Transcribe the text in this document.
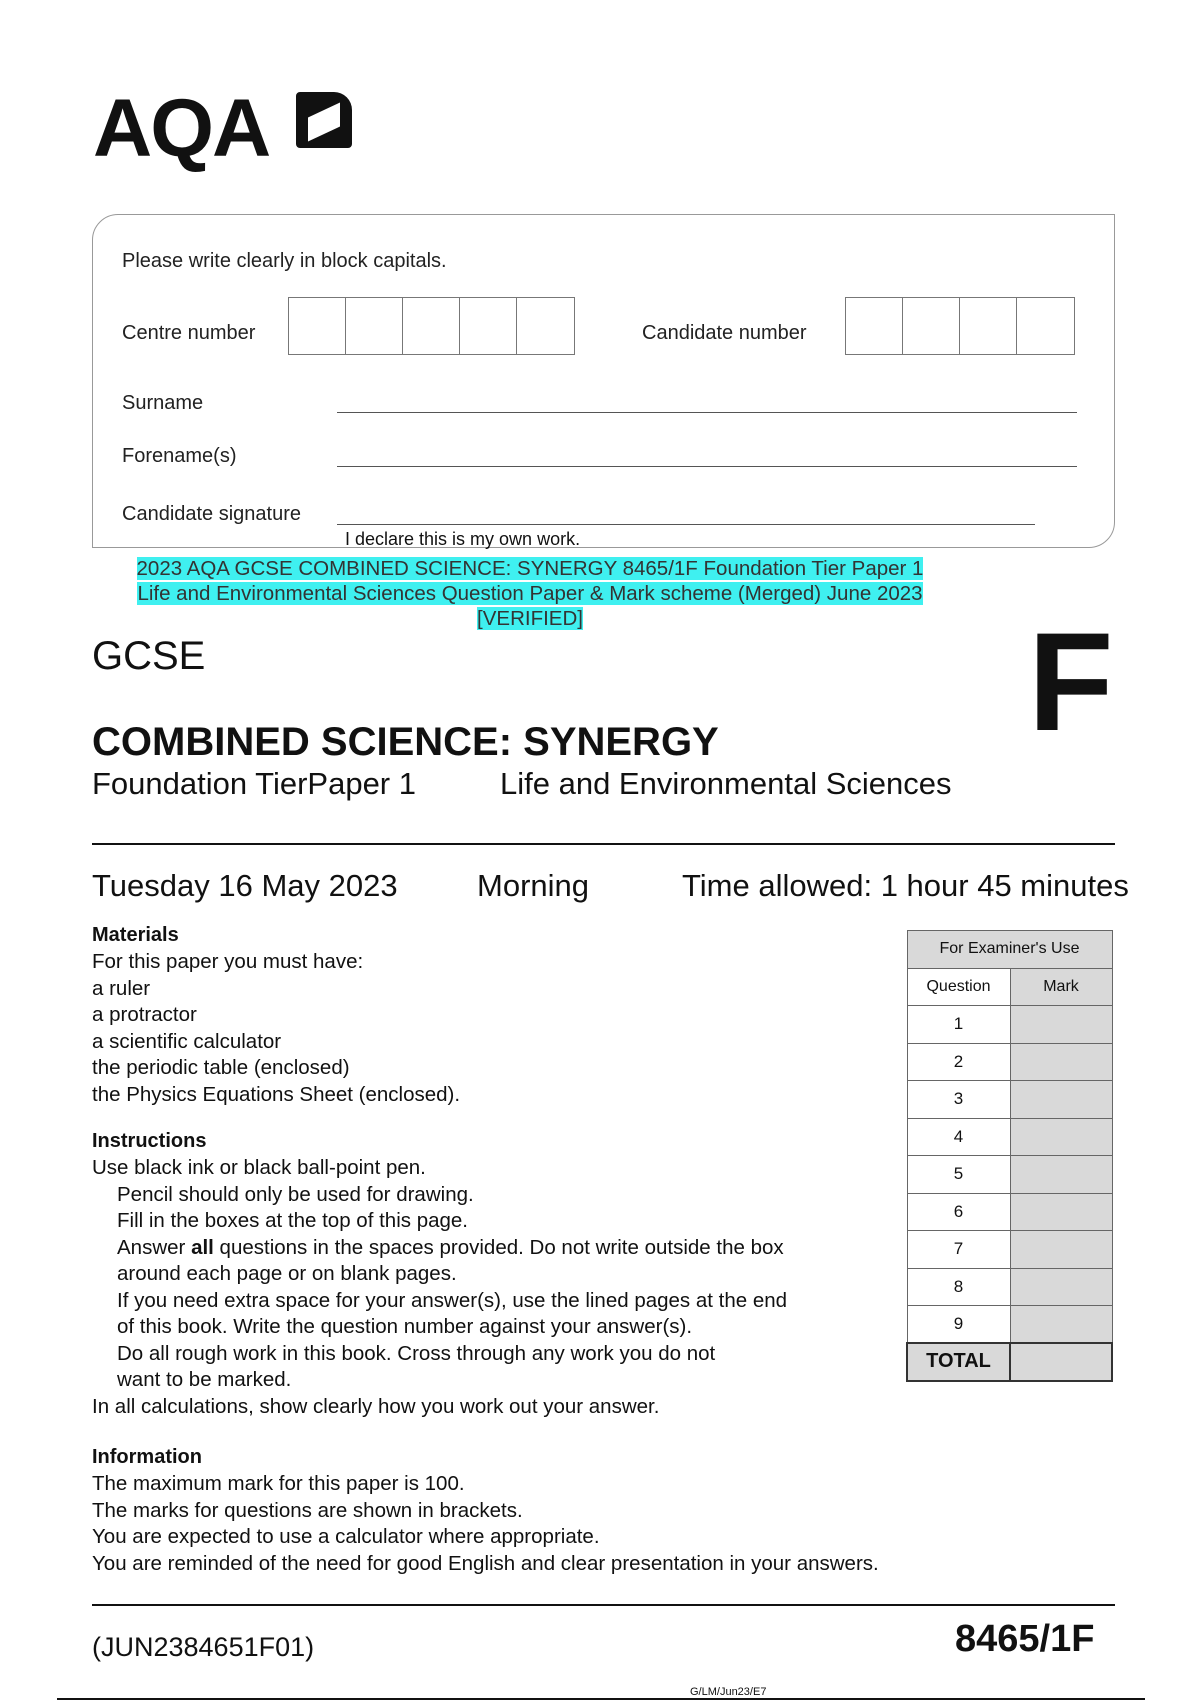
AQA
Please write clearly in block capitals.
Centre number	Candidate number
Surname
Forename(s)
Candidate signature
I declare this is my own work.
2023 AQA GCSE COMBINED SCIENCE: SYNERGY 8465/1F Foundation Tier Paper 1
Life and Environmental Sciences Question Paper & Mark scheme (Merged) June 2023
[VERIFIED]
GCSE	F
COMBINED SCIENCE: SYNERGY
Foundation TierPaper 1	Life and Environmental Sciences
Tuesday 16 May 2023	Morning	Time allowed: 1 hour 45 minutes
Materials
For this paper you must have:
a ruler
a protractor
a scientific calculator
the periodic table (enclosed)
the Physics Equations Sheet (enclosed).
Instructions
Use black ink or black ball-point pen.
Pencil should only be used for drawing.
Fill in the boxes at the top of this page.
Answer all questions in the spaces provided. Do not write outside the box
around each page or on blank pages.
If you need extra space for your answer(s), use the lined pages at the end
of this book. Write the question number against your answer(s).
Do all rough work in this book. Cross through any work you do not
want to be marked.
In all calculations, show clearly how you work out your answer.
Information
The maximum mark for this paper is 100.
The marks for questions are shown in brackets.
You are expected to use a calculator where appropriate.
You are reminded of the need for good English and clear presentation in your answers.
For Examiner's Use	
Question	Mark
1	
2	
3	
4	
5	
6	
7	
8	
9	
TOTAL	
(JUN2384651F01)	8465/1F
G/LM/Jun23/E7
